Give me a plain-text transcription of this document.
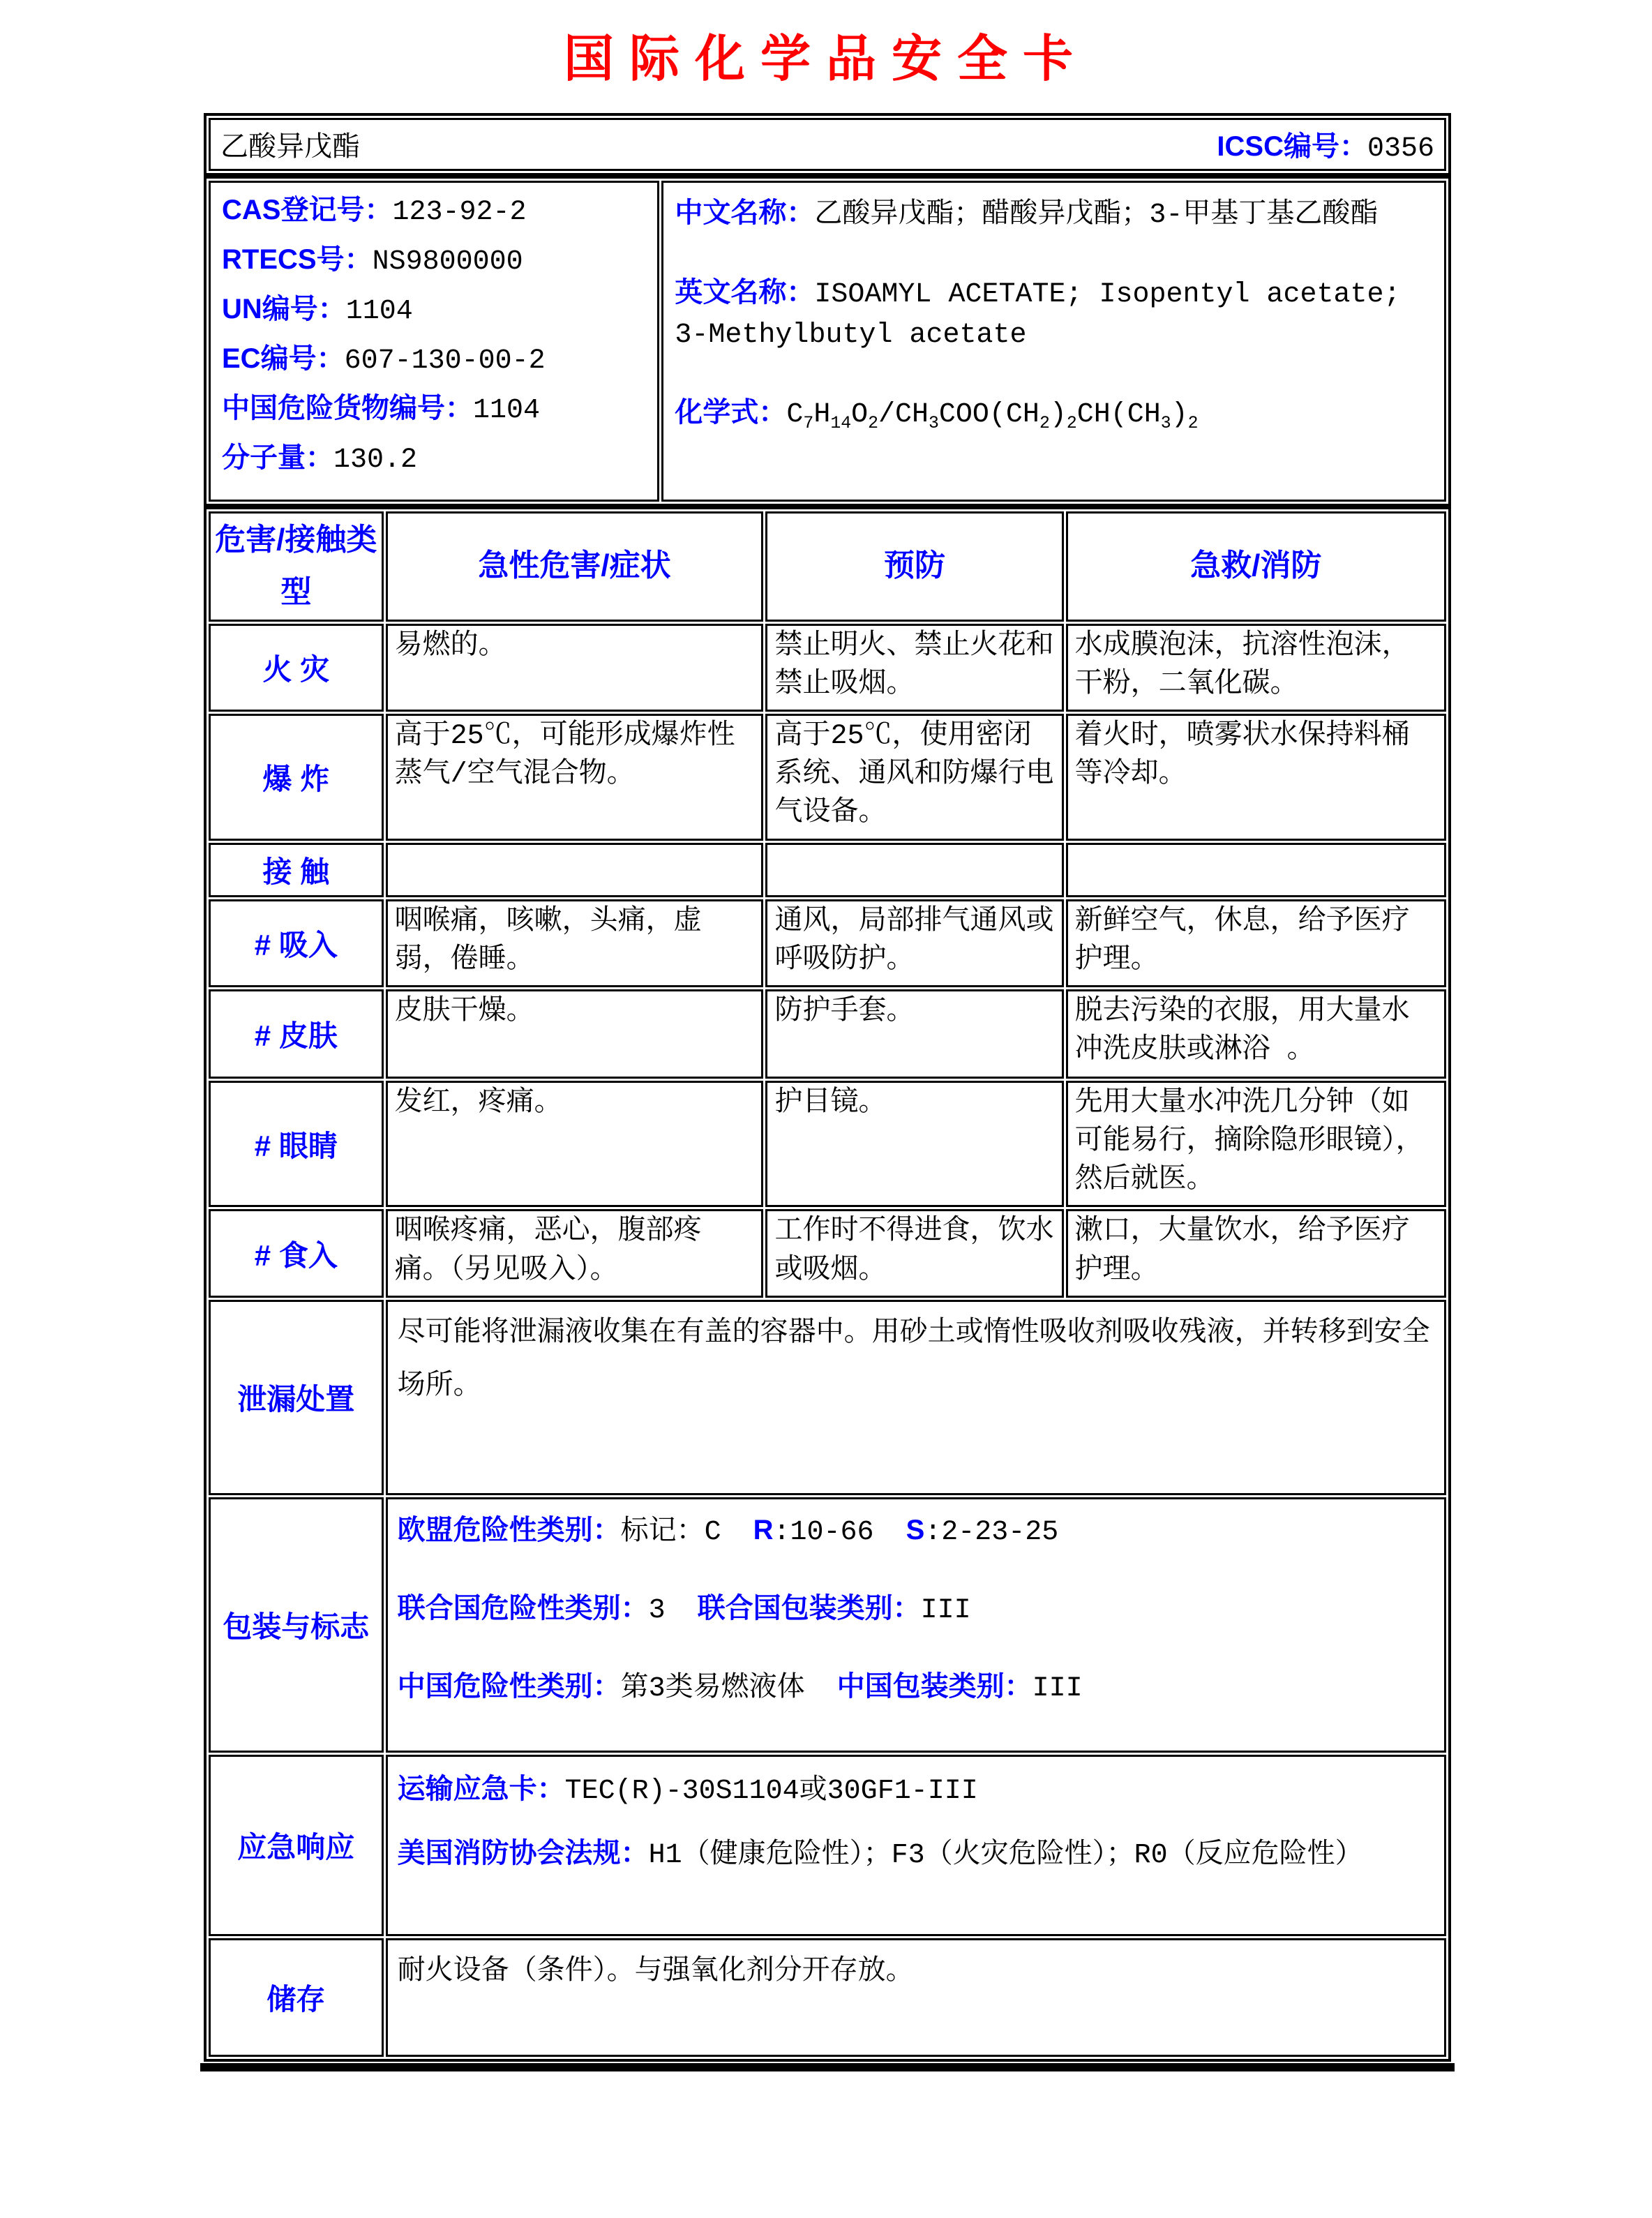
国际化学品安全卡
乙酸异戊酯	ICSC编号：0356
CAS登记号：123-92-2
RTECS号：NS9800000
UN编号：1104
EC编号：607-130-00-2
中国危险货物编号：1104
分子量：130.2

中文名称：乙酸异戊酯；醋酸异戊酯；3-甲基丁基乙酸酯

英文名称：ISOAMYL ACETATE; Isopentyl acetate; 3-Methylbutyl acetate

化学式：$C_7H_{14}O_2/CH_3COO(CH_2)_2CH(CH_3)_2$

危害/接触类型	急性危害/症状	预防	急救/消防
火 灾	易燃的。	禁止明火、禁止火花和禁止吸烟。	水成膜泡沫，抗溶性泡沫，干粉，二氧化碳。
爆 炸	高于25℃，可能形成爆炸性蒸气/空气混合物。	高于25℃，使用密闭系统、通风和防爆行电气设备。	着火时，喷雾状水保持料桶等冷却。
接 触			
# 吸入	咽喉痛，咳嗽，头痛，虚弱，倦睡。	通风，局部排气通风或呼吸防护。	新鲜空气，休息，给予医疗护理。
# 皮肤	皮肤干燥。	防护手套。	脱去污染的衣服，用大量水冲洗皮肤或淋浴 。
# 眼睛	发红，疼痛。	护目镜。	先用大量水冲洗几分钟（如可能易行，摘除隐形眼镜），然后就医。
# 食入	咽喉疼痛，恶心，腹部疼痛。（另见吸入）。	工作时不得进食，饮水或吸烟。	漱口，大量饮水，给予医疗护理。
泄漏处置	尽可能将泄漏液收集在有盖的容器中。用砂土或惰性吸收剂吸收残液，并转移到安全场所。		

包装与标志	欧盟危险性类别：标记：C R:10-66 S:2-23-25

联合国危险性类别：3 联合国包装类别：III

中国危险性类别：第3类易燃液体 中国包装类别：III		

应急响应	运输应急卡：TEC(R)-30S1104或30GF1-III

美国消防协会法规：H1（健康危险性）；F3（火灾危险性）；R0（反应危险性）		

储存	耐火设备（条件）。与强氧化剂分开存放。		
